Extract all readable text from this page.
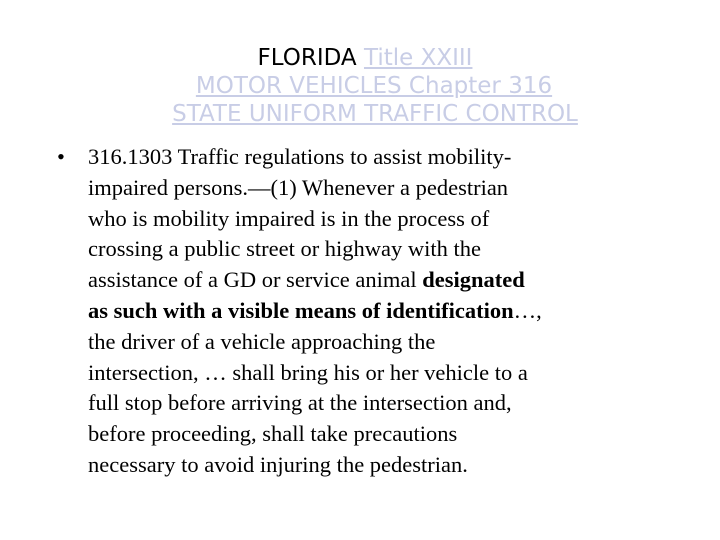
FLORIDA Title XXIII
MOTOR VEHICLES Chapter 316
STATE UNIFORM TRAFFIC CONTROL
• 316.1303 Traffic regulations to assist mobility-
impaired persons.—(1) Whenever a pedestrian
who is mobility impaired is in the process of
crossing a public street or highway with the
assistance of a GD or service animal designated
as such with a visible means of identification…,
the driver of a vehicle approaching the
intersection, … shall bring his or her vehicle to a
full stop before arriving at the intersection and,
before proceeding, shall take precautions
necessary to avoid injuring the pedestrian.
